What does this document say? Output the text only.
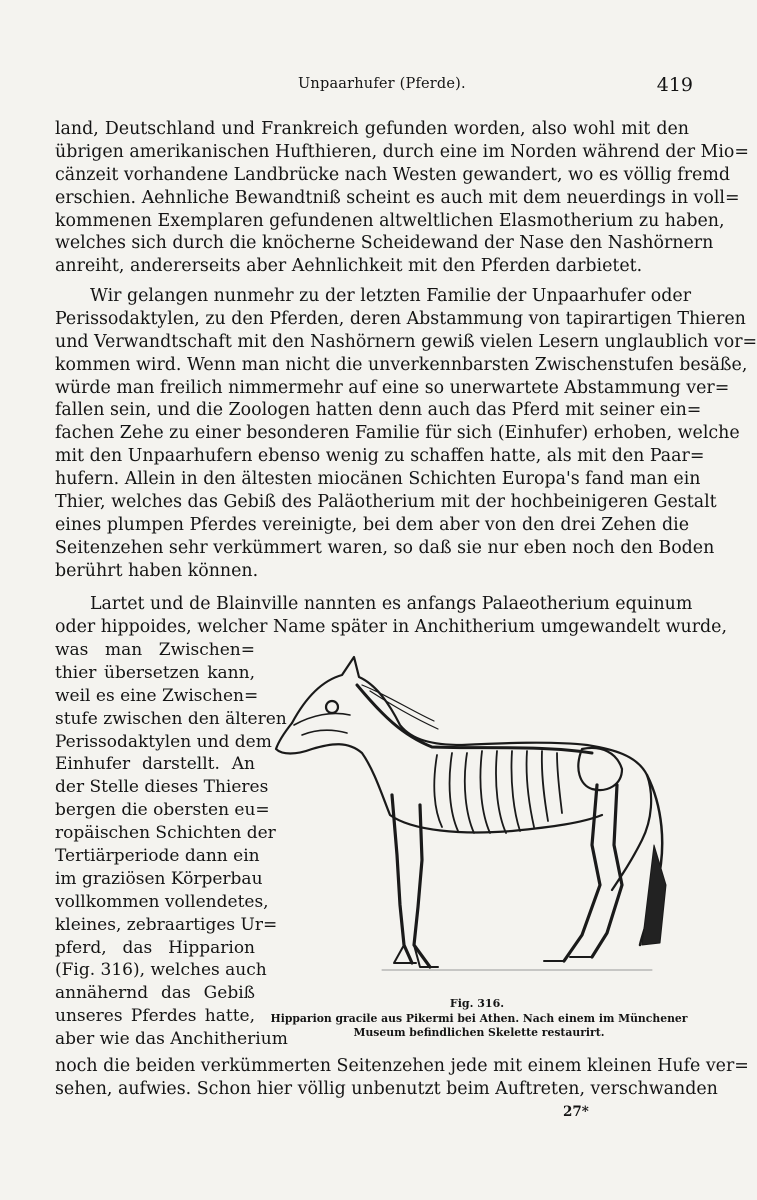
Unpaarhufer (Pferde).	419
land, Deutschland und Frankreich gefunden worden, also wohl mit den
übrigen amerikanischen Hufthieren, durch eine im Norden während der Mio=
cänzeit vorhandene Landbrücke nach Westen gewandert, wo es völlig fremd
erschien. Aehnliche Bewandtniß scheint es auch mit dem neuerdings in voll=
kommenen Exemplaren gefundenen altweltlichen Elasmotherium zu haben,
welches sich durch die knöcherne Scheidewand der Nase den Nashörnern
anreiht, andererseits aber Aehnlichkeit mit den Pferden darbietet.
Wir gelangen nunmehr zu der letzten Familie der Unpaarhufer oder
Perissodaktylen, zu den Pferden, deren Abstammung von tapirartigen Thieren
und Verwandtschaft mit den Nashörnern gewiß vielen Lesern unglaublich vor=
kommen wird. Wenn man nicht die unverkennbarsten Zwischenstufen besäße,
würde man freilich nimmermehr auf eine so unerwartete Abstammung ver=
fallen sein, und die Zoologen hatten denn auch das Pferd mit seiner ein=
fachen Zehe zu einer besonderen Familie für sich (Einhufer) erhoben, welche
mit den Unpaarhufern ebenso wenig zu schaffen hatte, als mit den Paar=
hufern. Allein in den ältesten miocänen Schichten Europa's fand man ein
Thier, welches das Gebiß des Paläotherium mit der hochbeinigeren Gestalt
eines plumpen Pferdes vereinigte, bei dem aber von den drei Zehen die
Seitenzehen sehr verkümmert waren, so daß sie nur eben noch den Boden
berührt haben können.
Lartet und de Blainville nannten es anfangs Palaeotherium equinum
oder hippoides, welcher Name später in Anchitherium umgewandelt wurde,
was man Zwischen=
thier übersetzen kann,
weil es eine Zwischen=
stufe zwischen den älteren
Perissodaktylen und dem
Einhufer darstellt. An
der Stelle dieses Thieres
bergen die obersten eu=
ropäischen Schichten der
Tertiärperiode dann ein
im graziösen Körperbau
vollkommen vollendetes,
kleines, zebraartiges Ur=
pferd, das Hipparion
(Fig. 316), welches auch
annähernd das Gebiß
unseres Pferdes hatte,
aber wie das Anchitherium
Fig. 316.
Hipparion gracile aus Pikermi bei Athen. Nach einem im Münchener
Museum befindlichen Skelette restaurirt.
noch die beiden verkümmerten Seitenzehen jede mit einem kleinen Hufe ver=
sehen, aufwies. Schon hier völlig unbenutzt beim Auftreten, verschwanden
27*
